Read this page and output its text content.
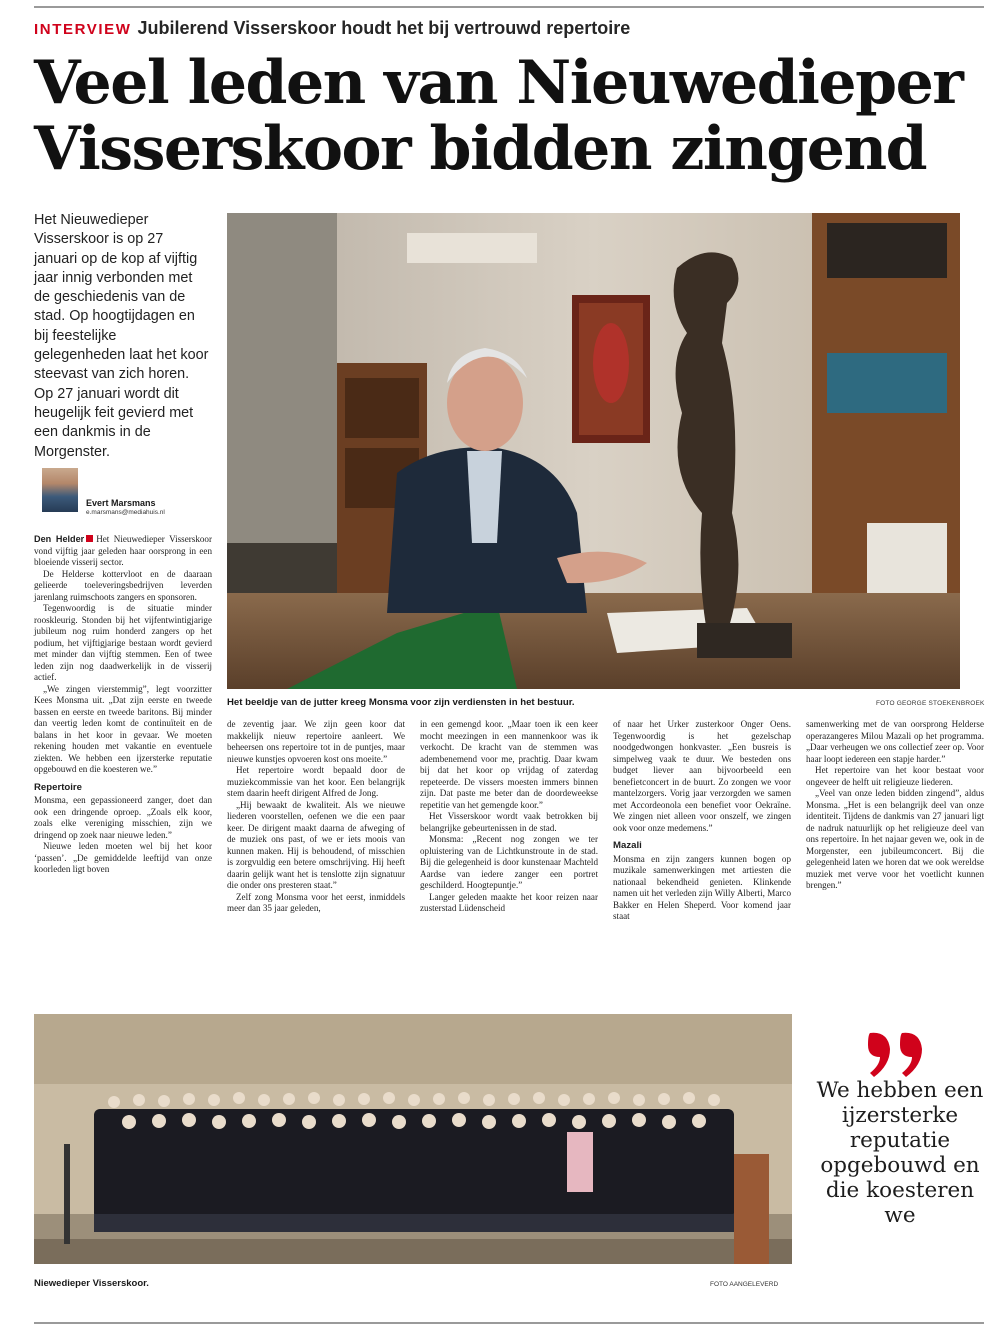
INTERVIEW Jubilerend Visserskoor houdt het bij vertrouwd repertoire
Veel leden van Nieuwedieper
Visserskoor bidden zingend
Het Nieuwedieper Visserskoor is op 27 januari op de kop af vijftig jaar innig verbonden met de geschiedenis van de stad. Op hoogtijdagen en bij feestelijke gelegenheden laat het koor steevast van zich horen. Op 27 januari wordt dit heugelijk feit gevierd met een dankmis in de Morgenster.
Evert Marsmans
e.marsmans@mediahuis.nl
Het beeldje van de jutter kreeg Monsma voor zijn verdiensten in het bestuur.	FOTO GEORGE STOEKENBROEK

Den Helder Het Nieuwedieper Visserskoor vond vijftig jaar geleden haar oorsprong in een bloeiende visserij sector.

De Helderse kottervloot en de daaraan gelieerde toeleveringsbedrijven leverden jarenlang ruimschoots zangers en sponsoren.

Tegenwoordig is de situatie minder rooskleurig. Stonden bij het vijfentwintigjarige jubileum nog ruim honderd zangers op het podium, het vijftigjarige bestaan wordt gevierd met minder dan vijftig stemmen. Een of twee leden zijn nog daadwerkelijk in de visserij actief.

„We zingen vierstemmig”, legt voorzitter Kees Monsma uit. „Dat zijn eerste en tweede bassen en eerste en tweede baritons. Bij minder dan veertig leden komt de continuïteit en de balans in het koor in gevaar. We moeten rekening houden met vakantie en eventuele ziekten. We hebben een ijzersterke reputatie opgebouwd en die koesteren we.”

Repertoire

Monsma, een gepassioneerd zanger, doet dan ook een dringende oproep. „Zoals elk koor, zoals elke vereniging misschien, zijn we dringend op zoek naar nieuwe leden.”

Nieuwe leden moeten wel bij het koor ‘passen’. „De gemiddelde leeftijd van onze koorleden ligt boven

de zeventig jaar. We zijn geen koor dat makkelijk nieuw repertoire aanleert. We beheersen ons repertoire tot in de puntjes, maar nieuwe kunstjes opvoeren kost ons moeite.”

Het repertoire wordt bepaald door de muziekcommissie van het koor. Een belangrijk stem daarin heeft dirigent Alfred de Jong.

„Hij bewaakt de kwaliteit. Als we nieuwe liederen voorstellen, oefenen we die een paar keer. De dirigent maakt daarna de afweging of de muziek ons past, of we er iets moois van kunnen maken. Hij is behoudend, of misschien is zorgvuldig een betere omschrijving. Hij heeft daarin gelijk want het is tenslotte zijn signatuur die onder ons presteren staat.”

Zelf zong Monsma voor het eerst, inmiddels meer dan 35 jaar geleden,

in een gemengd koor. „Maar toen ik een keer mocht meezingen in een mannenkoor was ik verkocht. De kracht van de stemmen was adembenemend voor me, prachtig. Daar kwam bij dat het koor op vrijdag of zaterdag repeteerde. De vissers moesten immers binnen zijn. Dat paste me beter dan de doordeweekse repetitie van het gemengde koor.”

Het Visserskoor wordt vaak betrokken bij belangrijke gebeurtenissen in de stad.

Monsma: „Recent nog zongen we ter opluistering van de Lichtkunstroute in de stad. Bij die gelegenheid is door kunstenaar Machteld Aardse van iedere zanger een portret geschilderd. Hoogtepuntje.”

Langer geleden maakte het koor reizen naar zusterstad Lüdenscheid

of naar het Urker zusterkoor Onger Oens. Tegenwoordig is het gezelschap noodgedwongen honkvaster. „Een busreis is simpelweg vaak te duur. We besteden ons budget liever aan bijvoorbeeld een benefietconcert in de buurt. Zo zongen we voor mantelzorgers. Vorig jaar verzorgden we samen met Accordeonola een benefiet voor Oekraïne. We zingen niet alleen voor onszelf, we zingen ook voor onze medemens.”

Mazali

Monsma en zijn zangers kunnen bogen op muzikale samenwerkingen met artiesten die nationaal bekendheid genieten. Klinkende namen uit het verleden zijn Willy Alberti, Marco Bakker en Helen Sheperd. Voor komend jaar staat

samenwerking met de van oorsprong Helderse operazangeres Milou Mazali op het programma. „Daar verheugen we ons collectief zeer op. Voor haar loopt iedereen een stapje harder.”

Het repertoire van het koor bestaat voor ongeveer de helft uit religieuze liederen.

„Veel van onze leden bidden zingend”, aldus Monsma. „Het is een belangrijk deel van onze identiteit. Tijdens de dankmis van 27 januari ligt de nadruk natuurlijk op het religieuze deel van ons repertoire. In het najaar geven we, ook in de Morgenster, een jubileumconcert. Bij die gelegenheid laten we horen dat we ook wereldse muziek met verve voor het voetlicht kunnen brengen.”

Niewedieper Visserskoor.	FOTO AANGELEVERD
We hebben een ijzersterke reputatie opgebouwd en die koesteren we
